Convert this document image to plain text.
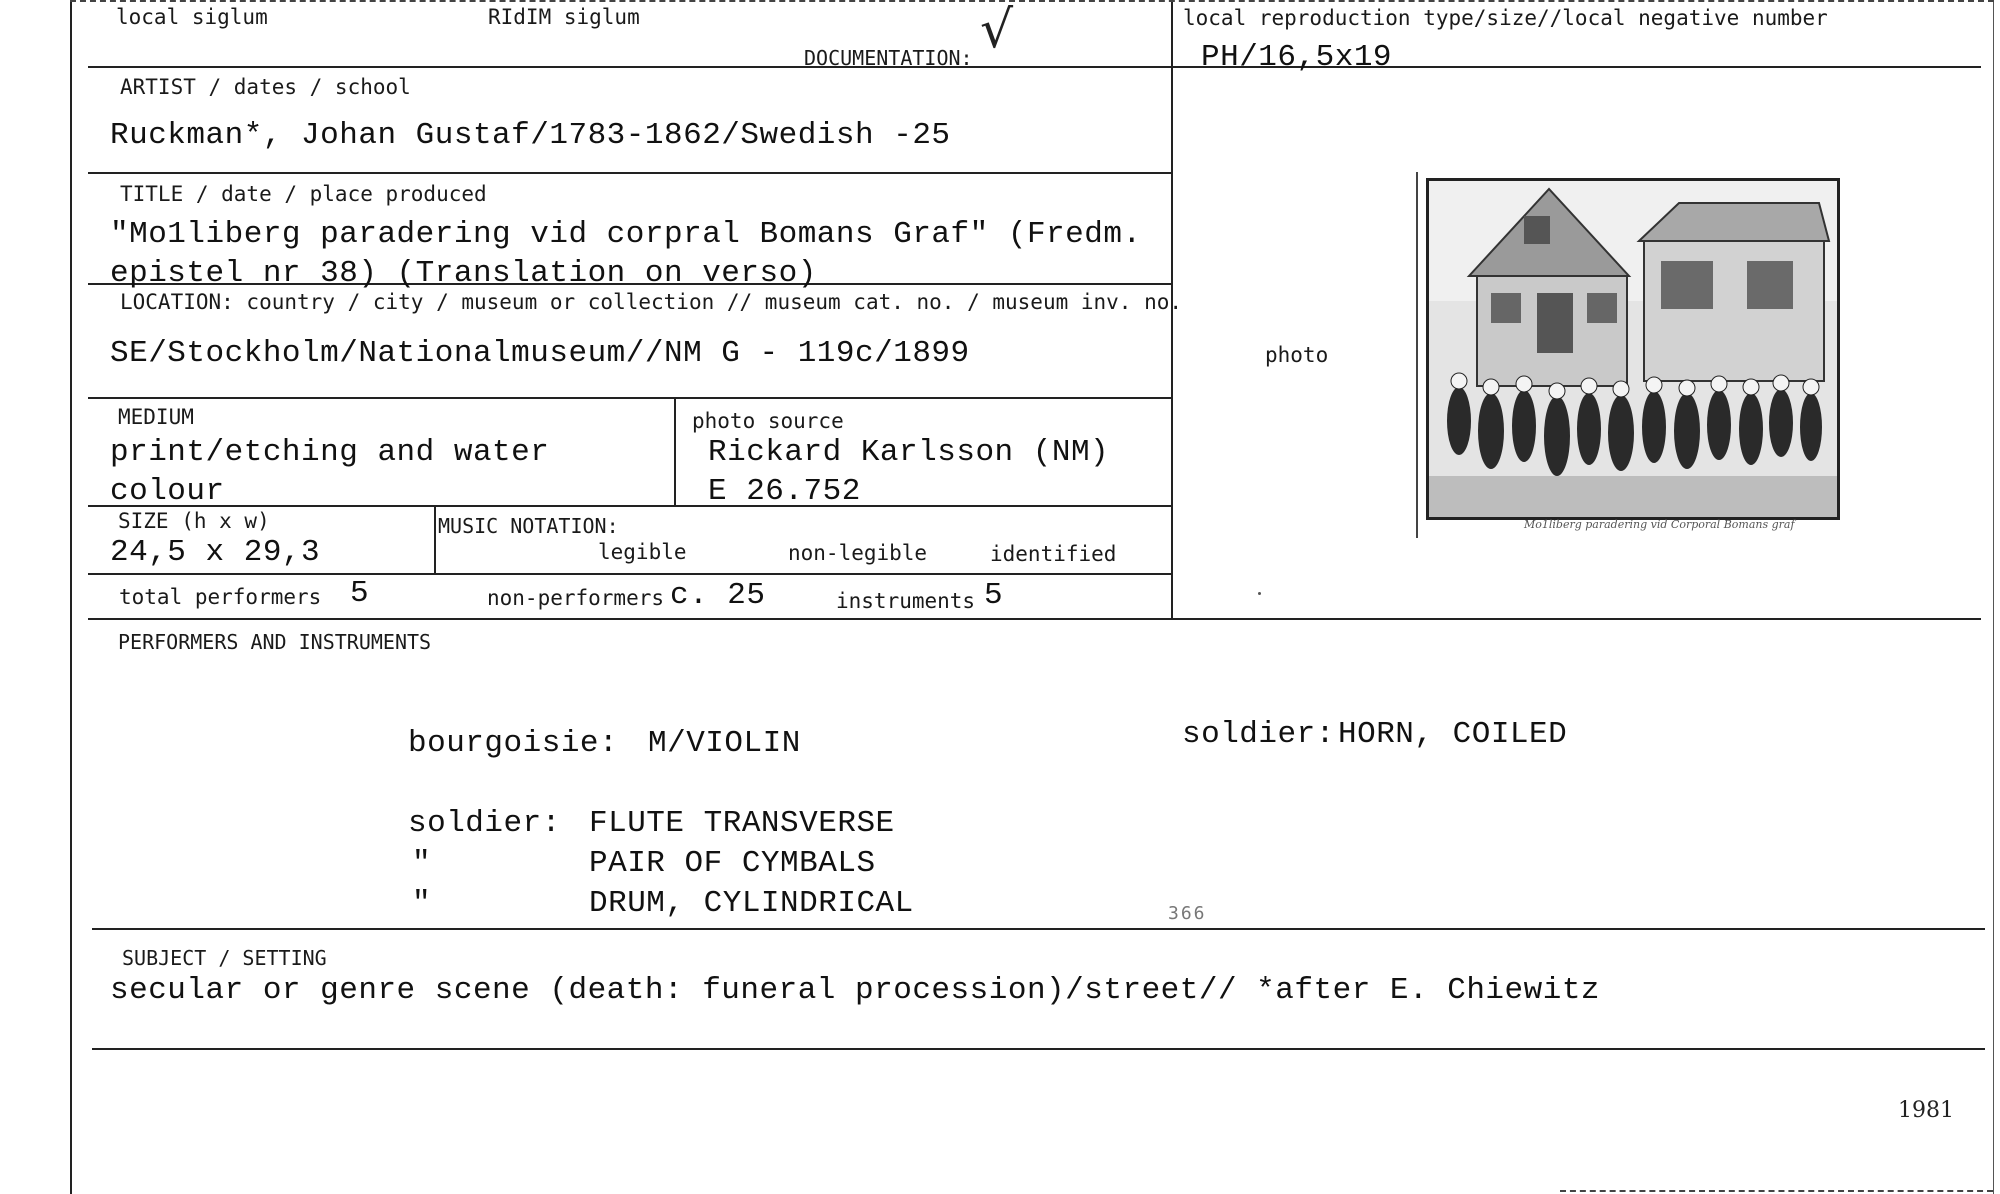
local siglum	RIdIM siglum
DOCUMENTATION: √	local reproduction type/size//local negative number
PH/16,5x19
ARTIST / dates / school
Ruckman*, Johan Gustaf/1783-1862/Swedish -25
TITLE / date / place produced
"Mo1liberg paradering vid corpral Bomans Graf" (Fredm.
epistel nr 38) (Translation on verso)
LOCATION: country / city / museum or collection // museum cat. no. / museum inv. no.
SE/Stockholm/Nationalmuseum//NM G - 119c/1899
MEDIUM
print/etching and water
colour
photo source
Rickard Karlsson (NM)
E 26.752
SIZE (h x w)
24,5 x 29,3
MUSIC NOTATION:
legible	non-legible	identified
total performers 5	non-performers c. 25	instruments 5
photo
Mo1liberg paradering vid Corporal Bomans graf
PERFORMERS AND INSTRUMENTS
bourgoisie: M/VIOLIN
soldier: FLUTE TRANSVERSE
"	PAIR OF CYMBALS
"	DRUM, CYLINDRICAL
soldier: HORN, COILED
366
SUBJECT / SETTING
secular or genre scene (death: funeral procession)/street// *after E. Chiewitz
1981
